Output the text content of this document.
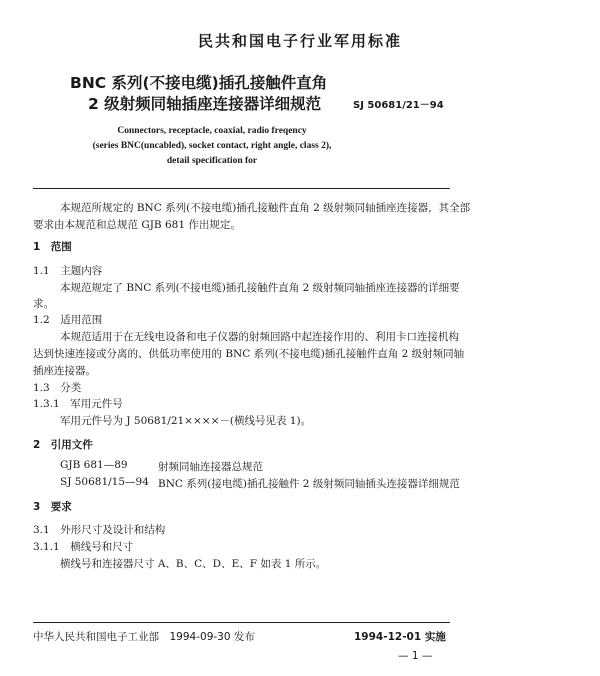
民共和国电子行业军用标准
BNC 系列(不接电缆)插孔接触件直角
2 级射频同轴插座连接器详细规范	SJ 50681/21－94
Connectors, receptacle, coaxial, radio freqency
(series BNC(uncabled), socket contact, right angle, class 2),
detail specification for
本规范所规定的 BNC 系列(不接电缆)插孔接触件直角 2 级射频同轴插座连接器，其全部
要求由本规范和总规范 GJB 681 作出规定。
1　范围
1.1　主题内容
本规范规定了 BNC 系列(不接电缆)插孔接触件直角 2 级射频同轴插座连接器的详细要
求。
1.2　适用范围
本规范适用于在无线电设备和电子仪器的射频回路中起连接作用的、利用卡口连接机构
达到快速连接或分离的、供低功率使用的 BNC 系列(不接电缆)插孔接触件直角 2 级射频同轴
插座连接器。
1.3　分类
1.3.1　军用元件号
军用元件号为 J 50681/21××××－(横线号见表 1)。
2　引用文件
GJB 681—89	射频同轴连接器总规范
SJ 50681/15—94 BNC 系列(接电缆)插孔接触件 2 级射频同轴插头连接器详细规范
3　要求
3.1　外形尺寸及设计和结构
3.1.1　横线号和尺寸
横线号和连接器尺寸 A、B、C、D、E、F 如表 1 所示。
中华人民共和国电子工业部　1994-09-30 发布	1994-12-01 实施
— 1 —
